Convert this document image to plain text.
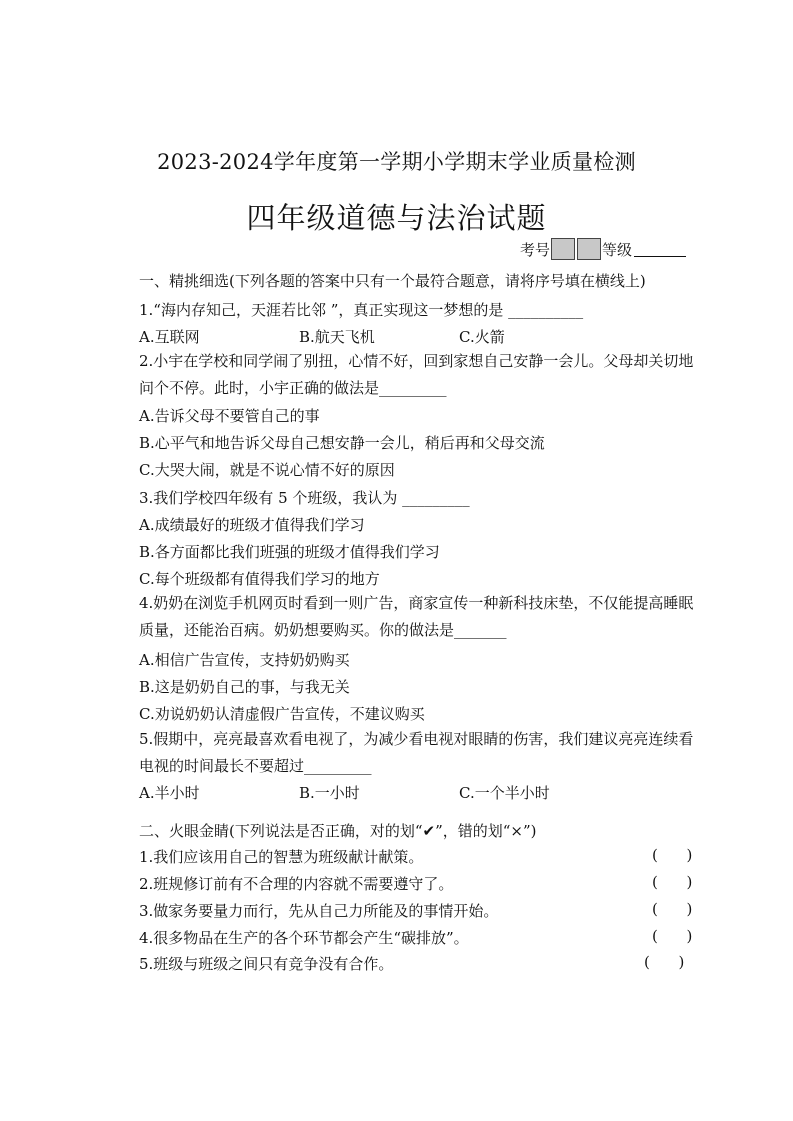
2023-2024学年度第一学期小学期末学业质量检测
四年级道德与法治试题
考号	等级
一、精挑细选(下列各题的答案中只有一个最符合题意，请将序号填在横线上)
1.“海内存知己，天涯若比邻 ”，真正实现这一梦想的是 __________
A.互联网	B.航天飞机	C.火箭
2.小宇在学校和同学闹了别扭，心情不好，回到家想自己安静一会儿。父母却关切地问个不停。此时，小宇正确的做法是_________
A.告诉父母不要管自己的事
B.心平气和地告诉父母自己想安静一会儿，稍后再和父母交流
C.大哭大闹，就是不说心情不好的原因
3.我们学校四年级有 5 个班级，我认为 _________
A.成绩最好的班级才值得我们学习
B.各方面都比我们班强的班级才值得我们学习
C.每个班级都有值得我们学习的地方
4.奶奶在浏览手机网页时看到一则广告，商家宣传一种新科技床垫，不仅能提高睡眠质量，还能治百病。奶奶想要购买。你的做法是_______
A.相信广告宣传，支持奶奶购买
B.这是奶奶自己的事，与我无关
C.劝说奶奶认清虚假广告宣传，不建议购买
5.假期中，亮亮最喜欢看电视了，为减少看电视对眼睛的伤害，我们建议亮亮连续看电视的时间最长不要超过_________
A.半小时	B.一小时	C.一个半小时
二、火眼金睛(下列说法是否正确，对的划“✔”，错的划“×”)
1.我们应该用自己的智慧为班级献计献策。	(      )
2.班规修订前有不合理的内容就不需要遵守了。	(      )
3.做家务要量力而行，先从自己力所能及的事情开始。	(      )
4.很多物品在生产的各个环节都会产生“碳排放”。	(      )
5.班级与班级之间只有竞争没有合作。	(      )
